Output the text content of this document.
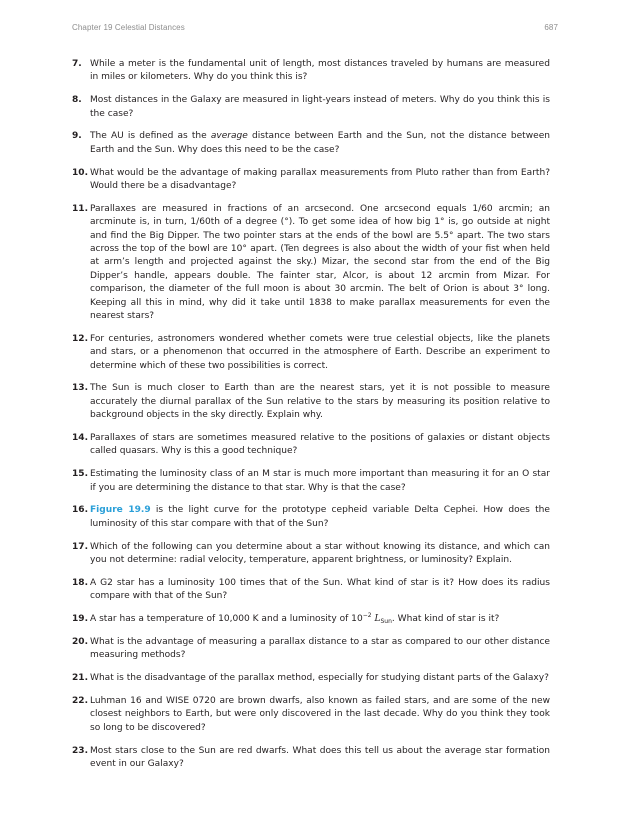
Chapter 19 Celestial Distances	687
7. While a meter is the fundamental unit of length, most distances traveled by humans are measured in miles or kilometers. Why do you think this is?
8. Most distances in the Galaxy are measured in light-years instead of meters. Why do you think this is the case?
9. The AU is defined as the average distance between Earth and the Sun, not the distance between Earth and the Sun. Why does this need to be the case?
10. What would be the advantage of making parallax measurements from Pluto rather than from Earth? Would there be a disadvantage?
11. Parallaxes are measured in fractions of an arcsecond. One arcsecond equals 1/60 arcmin; an arcminute is, in turn, 1/60th of a degree (°). To get some idea of how big 1° is, go outside at night and find the Big Dipper. The two pointer stars at the ends of the bowl are 5.5° apart. The two stars across the top of the bowl are 10° apart. (Ten degrees is also about the width of your fist when held at arm’s length and projected against the sky.) Mizar, the second star from the end of the Big Dipper’s handle, appears double. The fainter star, Alcor, is about 12 arcmin from Mizar. For comparison, the diameter of the full moon is about 30 arcmin. The belt of Orion is about 3° long. Keeping all this in mind, why did it take until 1838 to make parallax measurements for even the nearest stars?
12. For centuries, astronomers wondered whether comets were true celestial objects, like the planets and stars, or a phenomenon that occurred in the atmosphere of Earth. Describe an experiment to determine which of these two possibilities is correct.
13. The Sun is much closer to Earth than are the nearest stars, yet it is not possible to measure accurately the diurnal parallax of the Sun relative to the stars by measuring its position relative to background objects in the sky directly. Explain why.
14. Parallaxes of stars are sometimes measured relative to the positions of galaxies or distant objects called quasars. Why is this a good technique?
15. Estimating the luminosity class of an M star is much more important than measuring it for an O star if you are determining the distance to that star. Why is that the case?
16. Figure 19.9 is the light curve for the prototype cepheid variable Delta Cephei. How does the luminosity of this star compare with that of the Sun?
17. Which of the following can you determine about a star without knowing its distance, and which can you not determine: radial velocity, temperature, apparent brightness, or luminosity? Explain.
18. A G2 star has a luminosity 100 times that of the Sun. What kind of star is it? How does its radius compare with that of the Sun?
19. A star has a temperature of 10,000 K and a luminosity of $10^{-2}$ $L_{Sun}$. What kind of star is it?
20. What is the advantage of measuring a parallax distance to a star as compared to our other distance measuring methods?
21. What is the disadvantage of the parallax method, especially for studying distant parts of the Galaxy?
22. Luhman 16 and WISE 0720 are brown dwarfs, also known as failed stars, and are some of the new closest neighbors to Earth, but were only discovered in the last decade. Why do you think they took so long to be discovered?
23. Most stars close to the Sun are red dwarfs. What does this tell us about the average star formation event in our Galaxy?
